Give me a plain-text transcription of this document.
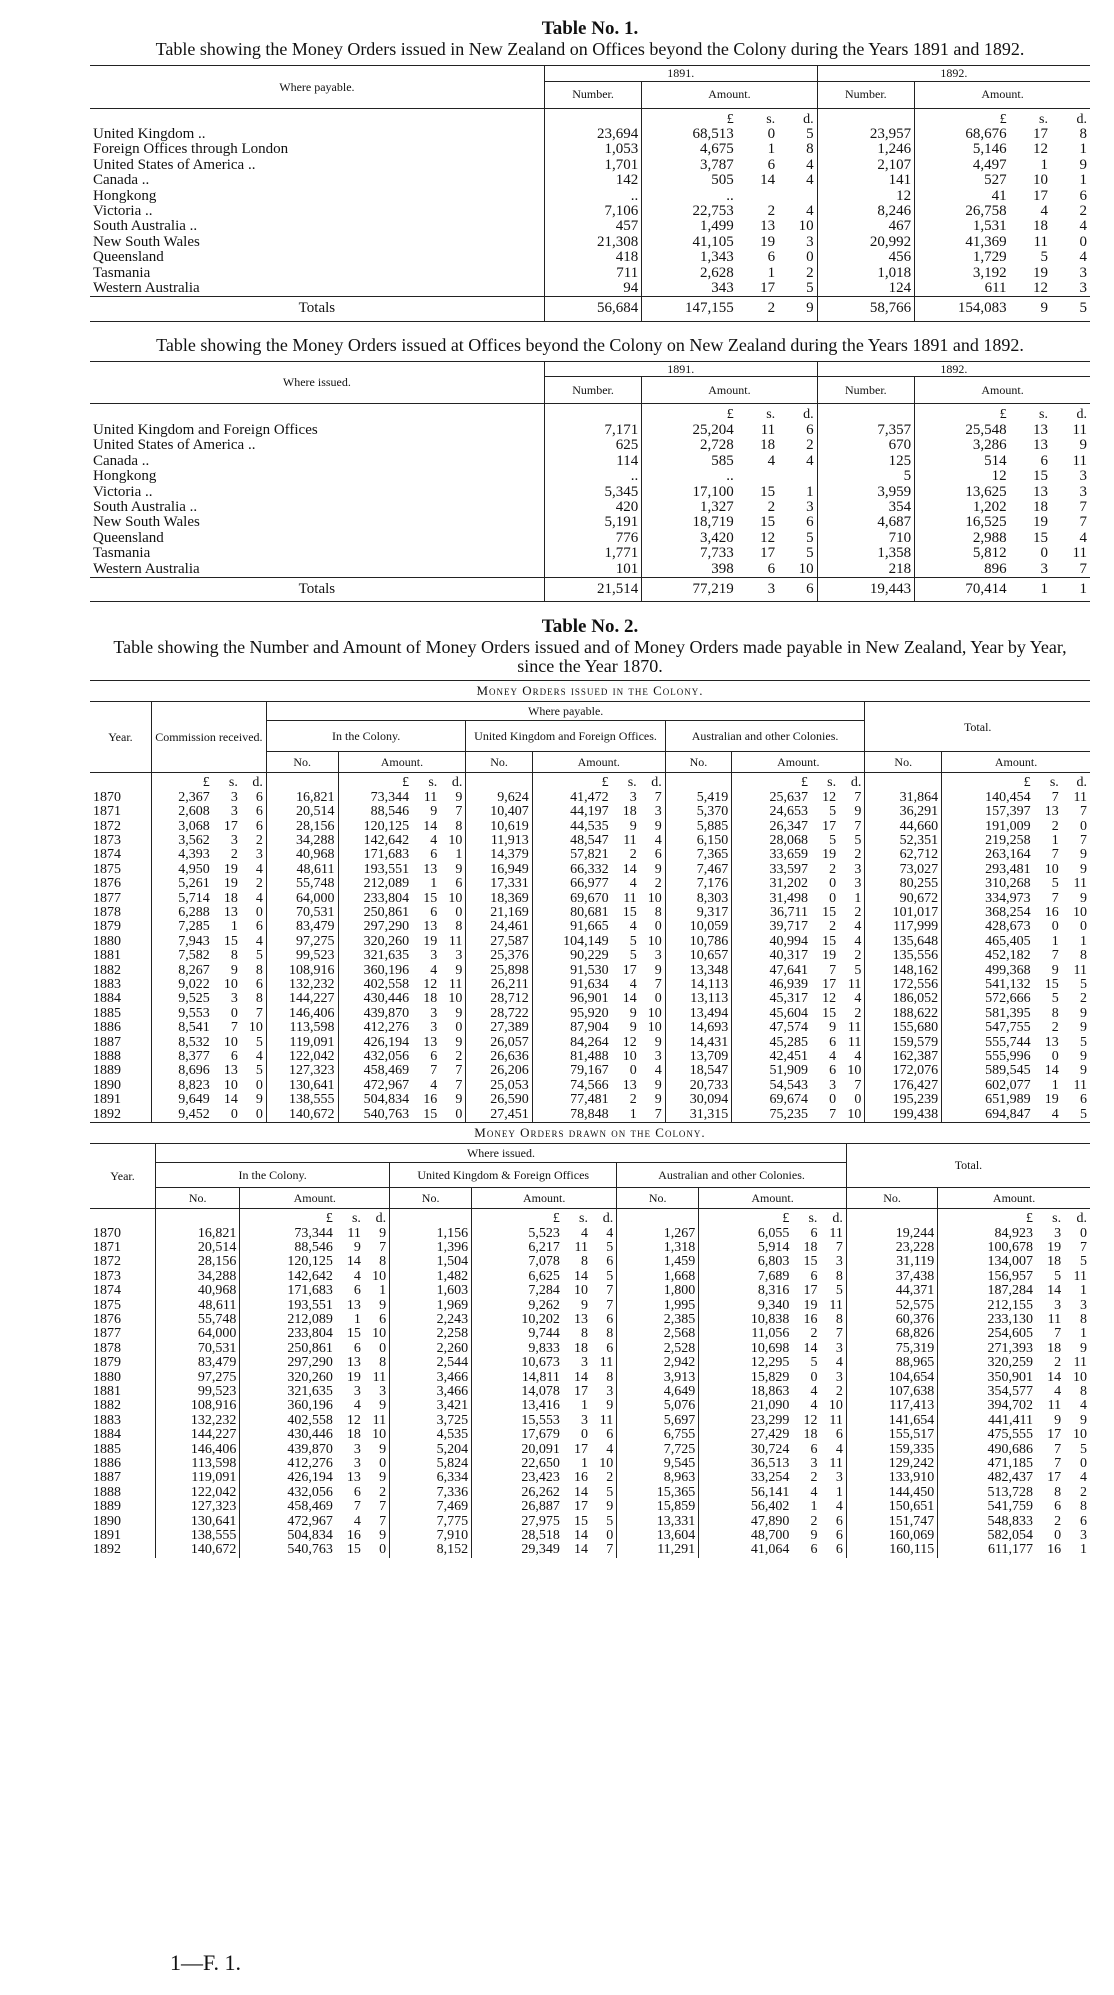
Table No. 1.

Table showing the Money Orders issued in New Zealand on Offices beyond the Colony during the Years 1891 and 1892.

Where payable.	1891.				1892.			
	Number.	Amount.			Number.	Amount.		
		£	s.	d.		£	s.	d.
United Kingdom ..	23,694	68,513	0	5	23,957	68,676	17	8
Foreign Offices through London	1,053	4,675	1	8	1,246	5,146	12	1
United States of America ..	1,701	3,787	6	4	2,107	4,497	1	9
Canada ..	142	505	14	4	141	527	10	1
Hongkong	..	..			12	41	17	6
Victoria ..	7,106	22,753	2	4	8,246	26,758	4	2
South Australia ..	457	1,499	13	10	467	1,531	18	4
New South Wales	21,308	41,105	19	3	20,992	41,369	11	0
Queensland	418	1,343	6	0	456	1,729	5	4
Tasmania	711	2,628	1	2	1,018	3,192	19	3
Western Australia	94	343	17	5	124	611	12	3
Totals	56,684	147,155	2	9	58,766	154,083	9	5

Table showing the Money Orders issued at Offices beyond the Colony on New Zealand during the Years 1891 and 1892.

Where issued.	1891.				1892.			
	Number.	Amount.			Number.	Amount.		
		£	s.	d.		£	s.	d.
United Kingdom and Foreign Offices	7,171	25,204	11	6	7,357	25,548	13	11
United States of America ..	625	2,728	18	2	670	3,286	13	9
Canada ..	114	585	4	4	125	514	6	11
Hongkong	..	..			5	12	15	3
Victoria ..	5,345	17,100	15	1	3,959	13,625	13	3
South Australia ..	420	1,327	2	3	354	1,202	18	7
New South Wales	5,191	18,719	15	6	4,687	16,525	19	7
Queensland	776	3,420	12	5	710	2,988	15	4
Tasmania	1,771	7,733	17	5	1,358	5,812	0	11
Western Australia	101	398	6	10	218	896	3	7
Totals	21,514	77,219	3	6	19,443	70,414	1	1

Table No. 2.

Table showing the Number and Amount of Money Orders issued and of Money Orders made payable in New Zealand, Year by Year, since the Year 1870.

Money Orders issued in the Colony.
Year.	Commission received.			Where payable.												Total.			
				In the Colony.				United Kingdom and Foreign Offices.				Australian and other Colonies.							
				No.	Amount.			No.	Amount.			No.	Amount.			No.	Amount.		
	£	s.	d.		£	s.	d.		£	s.	d.		£	s.	d.		£	s.	d.
1870	2,367	3	6	16,821	73,344	11	9	9,624	41,472	3	7	5,419	25,637	12	7	31,864	140,454	7	11
1871	2,608	3	6	20,514	88,546	9	7	10,407	44,197	18	3	5,370	24,653	5	9	36,291	157,397	13	7
1872	3,068	17	6	28,156	120,125	14	8	10,619	44,535	9	9	5,885	26,347	17	7	44,660	191,009	2	0
1873	3,562	3	2	34,288	142,642	4	10	11,913	48,547	11	4	6,150	28,068	5	5	52,351	219,258	1	7
1874	4,393	2	3	40,968	171,683	6	1	14,379	57,821	2	6	7,365	33,659	19	2	62,712	263,164	7	9
1875	4,950	19	4	48,611	193,551	13	9	16,949	66,332	14	9	7,467	33,597	2	3	73,027	293,481	10	9
1876	5,261	19	2	55,748	212,089	1	6	17,331	66,977	4	2	7,176	31,202	0	3	80,255	310,268	5	11
1877	5,714	18	4	64,000	233,804	15	10	18,369	69,670	11	10	8,303	31,498	0	1	90,672	334,973	7	9
1878	6,288	13	0	70,531	250,861	6	0	21,169	80,681	15	8	9,317	36,711	15	2	101,017	368,254	16	10
1879	7,285	1	6	83,479	297,290	13	8	24,461	91,665	4	0	10,059	39,717	2	4	117,999	428,673	0	0
1880	7,943	15	4	97,275	320,260	19	11	27,587	104,149	5	10	10,786	40,994	15	4	135,648	465,405	1	1
1881	7,582	8	5	99,523	321,635	3	3	25,376	90,229	5	3	10,657	40,317	19	2	135,556	452,182	7	8
1882	8,267	9	8	108,916	360,196	4	9	25,898	91,530	17	9	13,348	47,641	7	5	148,162	499,368	9	11
1883	9,022	10	6	132,232	402,558	12	11	26,211	91,634	4	7	14,113	46,939	17	11	172,556	541,132	15	5
1884	9,525	3	8	144,227	430,446	18	10	28,712	96,901	14	0	13,113	45,317	12	4	186,052	572,666	5	2
1885	9,553	0	7	146,406	439,870	3	9	28,722	95,920	9	10	13,494	45,604	15	2	188,622	581,395	8	9
1886	8,541	7	10	113,598	412,276	3	0	27,389	87,904	9	10	14,693	47,574	9	11	155,680	547,755	2	9
1887	8,532	10	5	119,091	426,194	13	9	26,057	84,264	12	9	14,431	45,285	6	11	159,579	555,744	13	5
1888	8,377	6	4	122,042	432,056	6	2	26,636	81,488	10	3	13,709	42,451	4	4	162,387	555,996	0	9
1889	8,696	13	5	127,323	458,469	7	7	26,206	79,167	0	4	18,547	51,909	6	10	172,076	589,545	14	9
1890	8,823	10	0	130,641	472,967	4	7	25,053	74,566	13	9	20,733	54,543	3	7	176,427	602,077	1	11
1891	9,649	14	9	138,555	504,834	16	9	26,590	77,481	2	9	30,094	69,674	0	0	195,239	651,989	19	6
1892	9,452	0	0	140,672	540,763	15	0	27,451	78,848	1	7	31,315	75,235	7	10	199,438	694,847	4	5
Money Orders drawn on the Colony.
Year.	Where issued.												Total.			
	In the Colony.				United Kingdom & Foreign Offices				Australian and other Colonies.							
	No.	Amount.			No.	Amount.			No.	Amount.			No.	Amount.		
		£	s.	d.		£	s.	d.		£	s.	d.		£	s.	d.
1870	16,821	73,344	11	9	1,156	5,523	4	4	1,267	6,055	6	11	19,244	84,923	3	0
1871	20,514	88,546	9	7	1,396	6,217	11	5	1,318	5,914	18	7	23,228	100,678	19	7
1872	28,156	120,125	14	8	1,504	7,078	8	6	1,459	6,803	15	3	31,119	134,007	18	5
1873	34,288	142,642	4	10	1,482	6,625	14	5	1,668	7,689	6	8	37,438	156,957	5	11
1874	40,968	171,683	6	1	1,603	7,284	10	7	1,800	8,316	17	5	44,371	187,284	14	1
1875	48,611	193,551	13	9	1,969	9,262	9	7	1,995	9,340	19	11	52,575	212,155	3	3
1876	55,748	212,089	1	6	2,243	10,202	13	6	2,385	10,838	16	8	60,376	233,130	11	8
1877	64,000	233,804	15	10	2,258	9,744	8	8	2,568	11,056	2	7	68,826	254,605	7	1
1878	70,531	250,861	6	0	2,260	9,833	18	6	2,528	10,698	14	3	75,319	271,393	18	9
1879	83,479	297,290	13	8	2,544	10,673	3	11	2,942	12,295	5	4	88,965	320,259	2	11
1880	97,275	320,260	19	11	3,466	14,811	14	8	3,913	15,829	0	3	104,654	350,901	14	10
1881	99,523	321,635	3	3	3,466	14,078	17	3	4,649	18,863	4	2	107,638	354,577	4	8
1882	108,916	360,196	4	9	3,421	13,416	1	9	5,076	21,090	4	10	117,413	394,702	11	4
1883	132,232	402,558	12	11	3,725	15,553	3	11	5,697	23,299	12	11	141,654	441,411	9	9
1884	144,227	430,446	18	10	4,535	17,679	0	6	6,755	27,429	18	6	155,517	475,555	17	10
1885	146,406	439,870	3	9	5,204	20,091	17	4	7,725	30,724	6	4	159,335	490,686	7	5
1886	113,598	412,276	3	0	5,824	22,650	1	10	9,545	36,513	3	11	129,242	471,185	7	0
1887	119,091	426,194	13	9	6,334	23,423	16	2	8,963	33,254	2	3	133,910	482,437	17	4
1888	122,042	432,056	6	2	7,336	26,262	14	5	15,365	56,141	4	1	144,450	513,728	8	2
1889	127,323	458,469	7	7	7,469	26,887	17	9	15,859	56,402	1	4	150,651	541,759	6	8
1890	130,641	472,967	4	7	7,775	27,975	15	5	13,331	47,890	2	6	151,747	548,833	2	6
1891	138,555	504,834	16	9	7,910	28,518	14	0	13,604	48,700	9	6	160,069	582,054	0	3
1892	140,672	540,763	15	0	8,152	29,349	14	7	11,291	41,064	6	6	160,115	611,177	16	1
1—F. 1.
